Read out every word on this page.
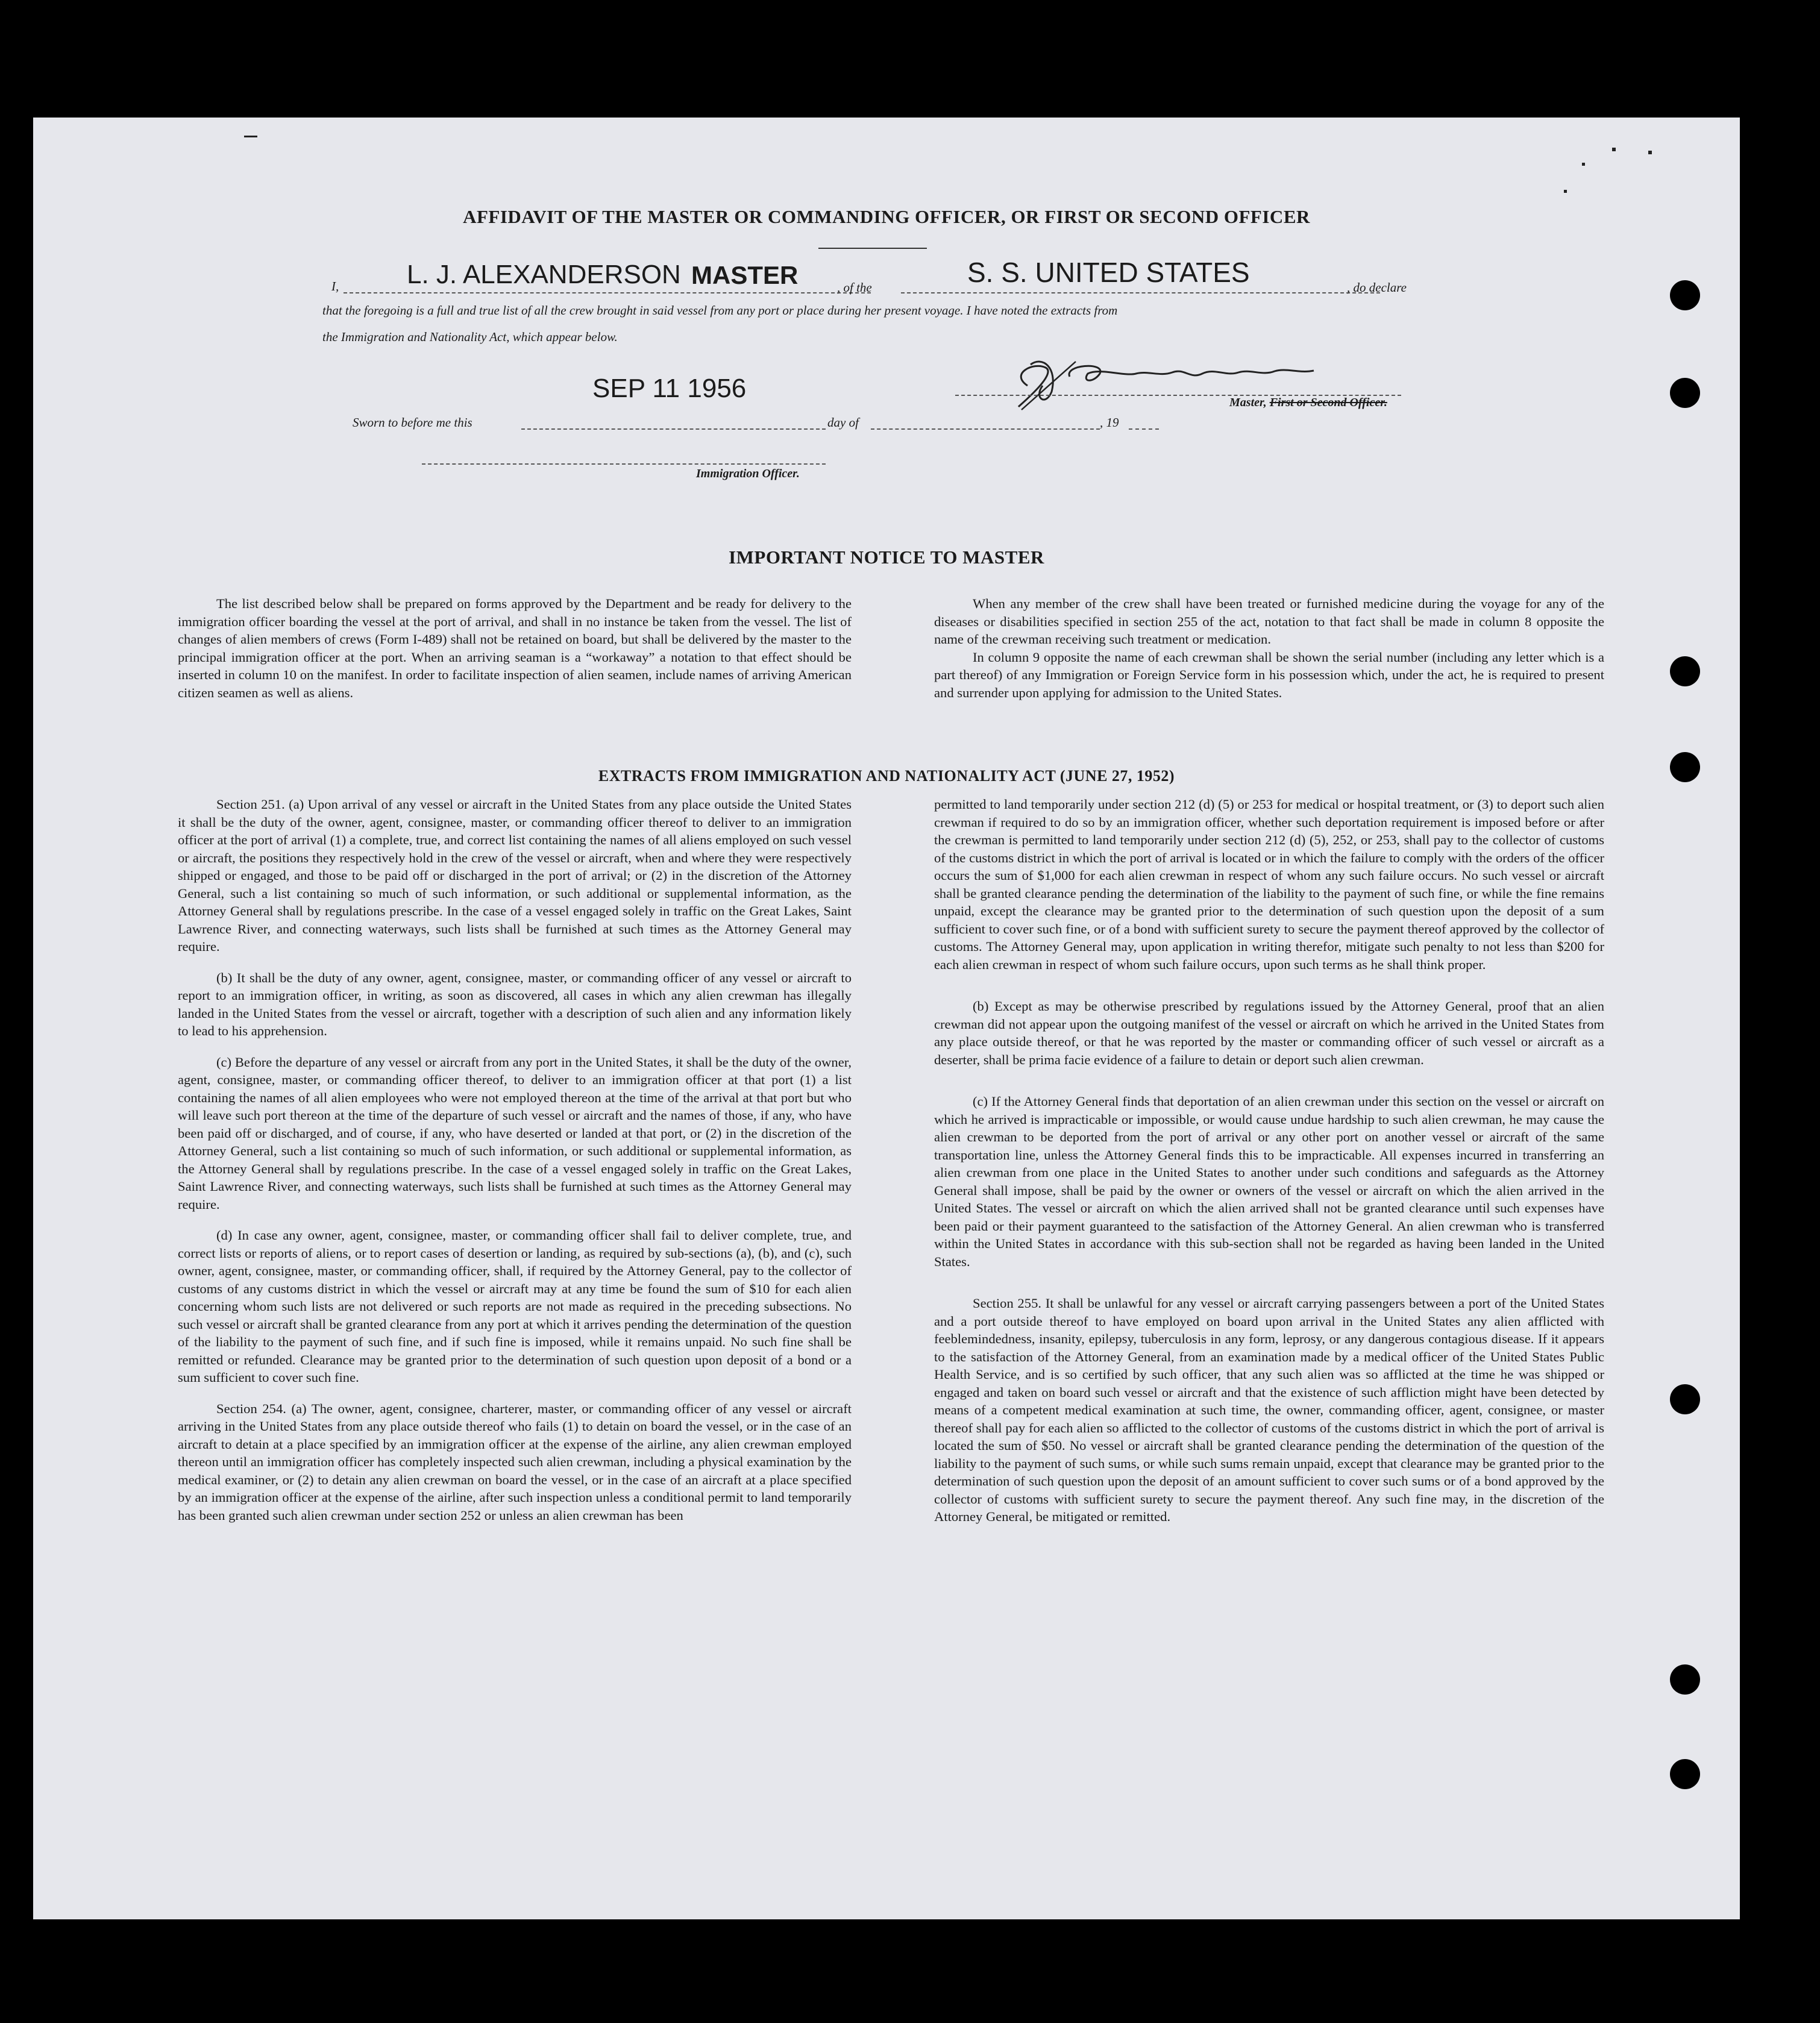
AFFIDAVIT OF THE MASTER OR COMMANDING OFFICER, OR FIRST OR SECOND OFFICER
I,	L. J. ALEXANDERSON MASTER	, of the	S. S. UNITED STATES	, do declare
that the foregoing is a full and true list of all the crew brought in said vessel from any port or place during her present voyage. I have noted the extracts from
the Immigration and Nationality Act, which appear below.
SEP 11 1956	Master, First or Second Officer.
Sworn to before me this	day of	, 19
Immigration Officer.
IMPORTANT NOTICE TO MASTER

The list described below shall be prepared on forms approved by the Department and be ready for delivery to the immigration officer boarding the vessel at the port of arrival, and shall in no instance be taken from the vessel. The list of changes of alien members of crews (Form I-489) shall not be retained on board, but shall be delivered by the master to the principal immigration officer at the port. When an arriving seaman is a “workaway” a notation to that effect should be inserted in column 10 on the manifest. In order to facilitate inspection of alien seamen, include names of arriving American citizen seamen as well as aliens.

When any member of the crew shall have been treated or furnished medicine during the voyage for any of the diseases or disabilities specified in section 255 of the act, notation to that fact shall be made in column 8 opposite the name of the crewman receiving such treatment or medication.

In column 9 opposite the name of each crewman shall be shown the serial number (including any letter which is a part thereof) of any Immigration or Foreign Service form in his possession which, under the act, he is required to present and surrender upon applying for admission to the United States.

EXTRACTS FROM IMMIGRATION AND NATIONALITY ACT (JUNE 27, 1952)

Section 251. (a) Upon arrival of any vessel or aircraft in the United States from any place outside the United States it shall be the duty of the owner, agent, consignee, master, or commanding officer thereof to deliver to an immigration officer at the port of arrival (1) a complete, true, and correct list containing the names of all aliens employed on such vessel or aircraft, the positions they respectively hold in the crew of the vessel or aircraft, when and where they were respectively shipped or engaged, and those to be paid off or discharged in the port of arrival; or (2) in the discretion of the Attorney General, such a list containing so much of such information, or such additional or supplemental information, as the Attorney General shall by regulations prescribe. In the case of a vessel engaged solely in traffic on the Great Lakes, Saint Lawrence River, and connecting waterways, such lists shall be furnished at such times as the Attorney General may require.

(b) It shall be the duty of any owner, agent, consignee, master, or commanding officer of any vessel or aircraft to report to an immigration officer, in writing, as soon as discovered, all cases in which any alien crewman has illegally landed in the United States from the vessel or aircraft, together with a description of such alien and any information likely to lead to his apprehension.

(c) Before the departure of any vessel or aircraft from any port in the United States, it shall be the duty of the owner, agent, consignee, master, or commanding officer thereof, to deliver to an immigration officer at that port (1) a list containing the names of all alien employees who were not employed thereon at the time of the arrival at that port but who will leave such port thereon at the time of the departure of such vessel or aircraft and the names of those, if any, who have been paid off or discharged, and of course, if any, who have deserted or landed at that port, or (2) in the discretion of the Attorney General, such a list containing so much of such information, or such additional or supplemental information, as the Attorney General shall by regulations prescribe. In the case of a vessel engaged solely in traffic on the Great Lakes, Saint Lawrence River, and connecting waterways, such lists shall be furnished at such times as the Attorney General may require.

(d) In case any owner, agent, consignee, master, or commanding officer shall fail to deliver complete, true, and correct lists or reports of aliens, or to report cases of desertion or landing, as required by sub-sections (a), (b), and (c), such owner, agent, consignee, master, or commanding officer, shall, if required by the Attorney General, pay to the collector of customs of any customs district in which the vessel or aircraft may at any time be found the sum of $10 for each alien concerning whom such lists are not delivered or such reports are not made as required in the preceding subsections. No such vessel or aircraft shall be granted clearance from any port at which it arrives pending the determination of the question of the liability to the payment of such fine, and if such fine is imposed, while it remains unpaid. No such fine shall be remitted or refunded. Clearance may be granted prior to the determination of such question upon deposit of a bond or a sum sufficient to cover such fine.

Section 254. (a) The owner, agent, consignee, charterer, master, or commanding officer of any vessel or aircraft arriving in the United States from any place outside thereof who fails (1) to detain on board the vessel, or in the case of an aircraft to detain at a place specified by an immigration officer at the expense of the airline, any alien crewman employed thereon until an immigration officer has completely inspected such alien crewman, including a physical examination by the medical examiner, or (2) to detain any alien crewman on board the vessel, or in the case of an aircraft at a place specified by an immigration officer at the expense of the airline, after such inspection unless a conditional permit to land temporarily has been granted such alien crewman under section 252 or unless an alien crewman has been

permitted to land temporarily under section 212 (d) (5) or 253 for medical or hospital treatment, or (3) to deport such alien crewman if required to do so by an immigration officer, whether such deportation requirement is imposed before or after the crewman is permitted to land temporarily under section 212 (d) (5), 252, or 253, shall pay to the collector of customs of the customs district in which the port of arrival is located or in which the failure to comply with the orders of the officer occurs the sum of $1,000 for each alien crewman in respect of whom any such failure occurs. No such vessel or aircraft shall be granted clearance pending the determination of the liability to the payment of such fine, or while the fine remains unpaid, except the clearance may be granted prior to the determination of such question upon the deposit of a sum sufficient to cover such fine, or of a bond with sufficient surety to secure the payment thereof approved by the collector of customs. The Attorney General may, upon application in writing therefor, mitigate such penalty to not less than $200 for each alien crewman in respect of whom such failure occurs, upon such terms as he shall think proper.

(b) Except as may be otherwise prescribed by regulations issued by the Attorney General, proof that an alien crewman did not appear upon the outgoing manifest of the vessel or aircraft on which he arrived in the United States from any place outside thereof, or that he was reported by the master or commanding officer of such vessel or aircraft as a deserter, shall be prima facie evidence of a failure to detain or deport such alien crewman.

(c) If the Attorney General finds that deportation of an alien crewman under this section on the vessel or aircraft on which he arrived is impracticable or impossible, or would cause undue hardship to such alien crewman, he may cause the alien crewman to be deported from the port of arrival or any other port on another vessel or aircraft of the same transportation line, unless the Attorney General finds this to be impracticable. All expenses incurred in transferring an alien crewman from one place in the United States to another under such conditions and safeguards as the Attorney General shall impose, shall be paid by the owner or owners of the vessel or aircraft on which the alien arrived in the United States. The vessel or aircraft on which the alien arrived shall not be granted clearance until such expenses have been paid or their payment guaranteed to the satisfaction of the Attorney General. An alien crewman who is transferred within the United States in accordance with this sub-section shall not be regarded as having been landed in the United States.

Section 255. It shall be unlawful for any vessel or aircraft carrying passengers between a port of the United States and a port outside thereof to have employed on board upon arrival in the United States any alien afflicted with feeblemindedness, insanity, epilepsy, tuberculosis in any form, leprosy, or any dangerous contagious disease. If it appears to the satisfaction of the Attorney General, from an examination made by a medical officer of the United States Public Health Service, and is so certified by such officer, that any such alien was so afflicted at the time he was shipped or engaged and taken on board such vessel or aircraft and that the existence of such affliction might have been detected by means of a competent medical examination at such time, the owner, commanding officer, agent, consignee, or master thereof shall pay for each alien so afflicted to the collector of customs of the customs district in which the port of arrival is located the sum of $50. No vessel or aircraft shall be granted clearance pending the determination of the question of the liability to the payment of such sums, or while such sums remain unpaid, except that clearance may be granted prior to the determination of such question upon the deposit of an amount sufficient to cover such sums or of a bond approved by the collector of customs with sufficient surety to secure the payment thereof. Any such fine may, in the discretion of the Attorney General, be mitigated or remitted.
